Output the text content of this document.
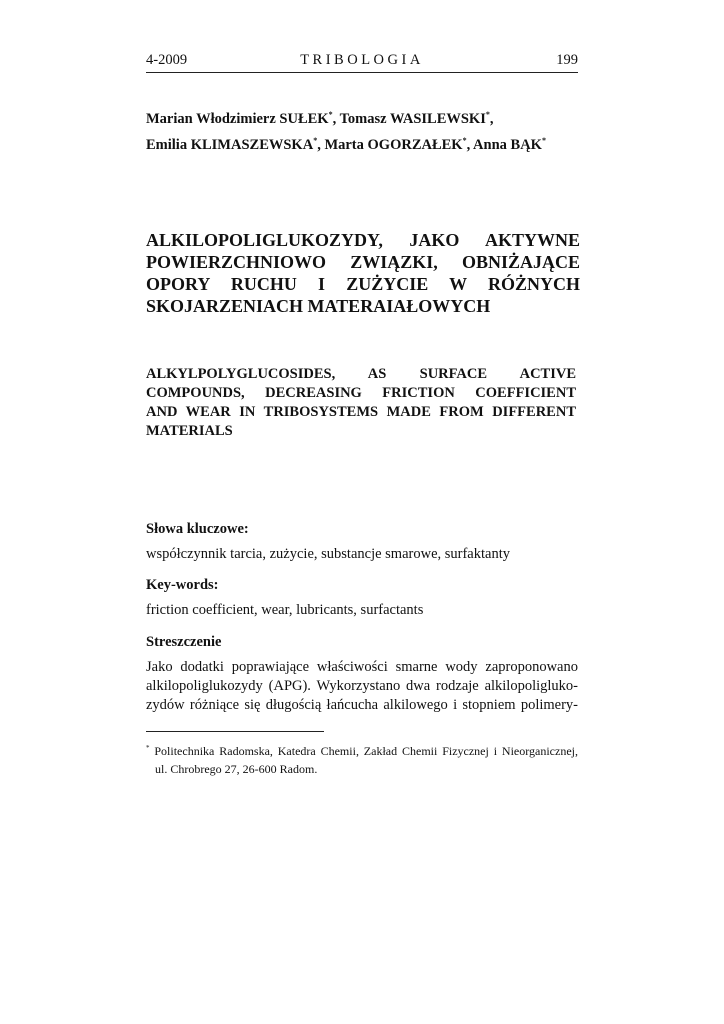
4-2009	TRIBOLOGIA	199
Marian Włodzimierz SUŁEK*, Tomasz WASILEWSKI*,
Emilia KLIMASZEWSKA*, Marta OGORZAŁEK*, Anna BĄK*
ALKILOPOLIGLUKOZYDY, JAKO AKTYWNE
POWIERZCHNIOWO ZWIĄZKI, OBNIŻAJĄCE
OPORY RUCHU I ZUŻYCIE W RÓŻNYCH
SKOJARZENIACH MATERAIAŁOWYCH
ALKYLPOLYGLUCOSIDES, AS SURFACE ACTIVE
COMPOUNDS, DECREASING FRICTION COEFFICIENT
AND WEAR IN TRIBOSYSTEMS MADE FROM DIFFERENT
MATERIALS
Słowa kluczowe:
współczynnik tarcia, zużycie, substancje smarowe, surfaktanty
Key-words:
friction coefficient, wear, lubricants, surfactants
Streszczenie
Jako dodatki poprawiające właściwości smarne wody zaproponowano
alkilopoliglukozydy (APG). Wykorzystano dwa rodzaje alkilopoligluko-
zydów różniące się długością łańcucha alkilowego i stopniem polimery-
* Politechnika Radomska, Katedra Chemii, Zakład Chemii Fizycznej i Nieorganicznej,
ul. Chrobrego 27, 26-600 Radom.
